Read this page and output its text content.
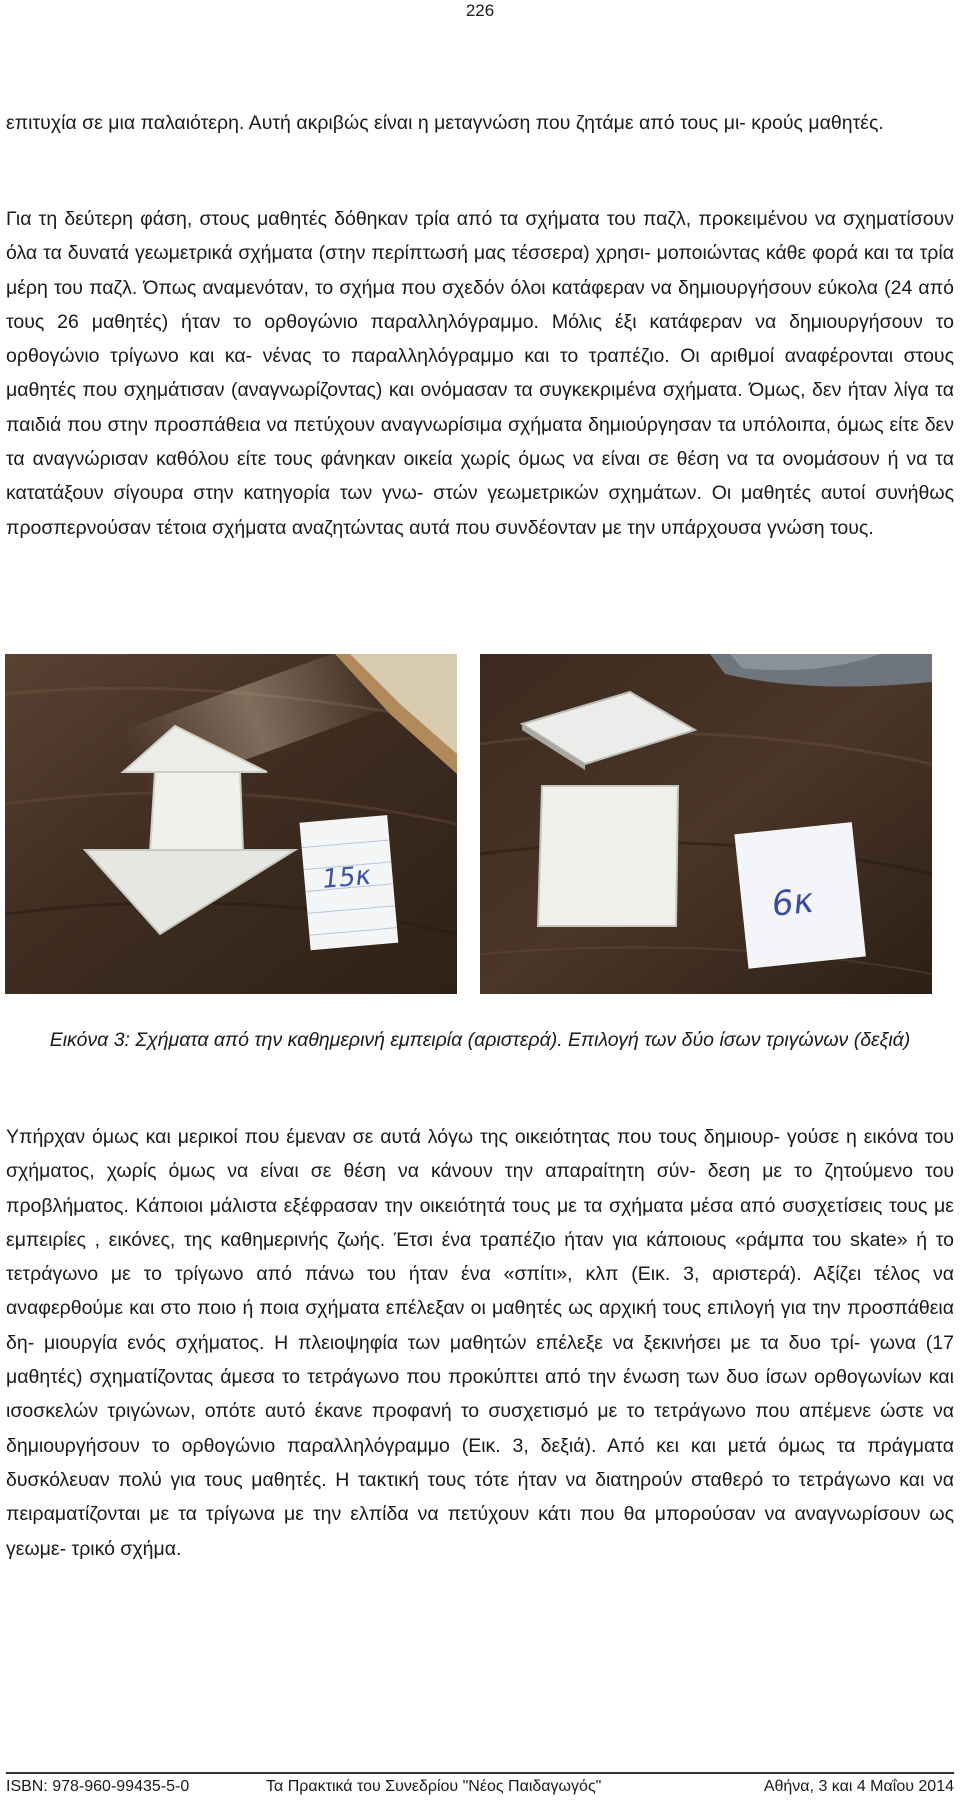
226

επιτυχία σε μια παλαιότερη. Αυτή ακριβώς είναι η μεταγνώση που ζητάμε από τους μι- κρούς μαθητές.

Για τη δεύτερη φάση, στους μαθητές δόθηκαν τρία από τα σχήματα του παζλ, προκειμένου να σχηματίσουν όλα τα δυνατά γεωμετρικά σχήματα (στην περίπτωσή μας τέσσερα) χρησι- μοποιώντας κάθε φορά και τα τρία μέρη του παζλ. Όπως αναμενόταν, το σχήμα που σχεδόν όλοι κατάφεραν να δημιουργήσουν εύκολα (24 από τους 26 μαθητές) ήταν το ορθογώνιο παραλληλόγραμμο. Μόλις έξι κατάφεραν να δημιουργήσουν το ορθογώνιο τρίγωνο και κα- νένας το παραλληλόγραμμο και το τραπέζιο. Οι αριθμοί αναφέρονται στους μαθητές που σχημάτισαν (αναγνωρίζοντας) και ονόμασαν τα συγκεκριμένα σχήματα. Όμως, δεν ήταν λίγα τα παιδιά που στην προσπάθεια να πετύχουν αναγνωρίσιμα σχήματα δημιούργησαν τα υπόλοιπα, όμως είτε δεν τα αναγνώρισαν καθόλου είτε τους φάνηκαν οικεία χωρίς όμως να είναι σε θέση να τα ονομάσουν ή να τα κατατάξουν σίγουρα στην κατηγορία των γνω- στών γεωμετρικών σχημάτων. Οι μαθητές αυτοί συνήθως προσπερνούσαν τέτοια σχήματα αναζητώντας αυτά που συνδέονταν με την υπάρχουσα γνώση τους.

15κ
6κ
Εικόνα 3: Σχήματα από την καθημερινή εμπειρία (αριστερά). Επιλογή των δύο ίσων τριγώνων (δεξιά)

Υπήρχαν όμως και μερικοί που έμεναν σε αυτά λόγω της οικειότητας που τους δημιουρ- γούσε η εικόνα του σχήματος, χωρίς όμως να είναι σε θέση να κάνουν την απαραίτητη σύν- δεση με το ζητούμενο του προβλήματος. Κάποιοι μάλιστα εξέφρασαν την οικειότητά τους με τα σχήματα μέσα από συσχετίσεις τους με εμπειρίες , εικόνες, της καθημερινής ζωής. Έτσι ένα τραπέζιο ήταν για κάποιους «ράμπα του skate» ή το τετράγωνο με το τρίγωνο από πάνω του ήταν ένα «σπίτι», κλπ (Εικ. 3, αριστερά). Αξίζει τέλος να αναφερθούμε και στο ποιο ή ποια σχήματα επέλεξαν οι μαθητές ως αρχική τους επιλογή για την προσπάθεια δη- μιουργία ενός σχήματος. Η πλειοψηφία των μαθητών επέλεξε να ξεκινήσει με τα δυο τρί- γωνα (17 μαθητές) σχηματίζοντας άμεσα το τετράγωνο που προκύπτει από την ένωση των δυο ίσων ορθογωνίων και ισοσκελών τριγώνων, οπότε αυτό έκανε προφανή το συσχετισμό με το τετράγωνο που απέμενε ώστε να δημιουργήσουν το ορθογώνιο παραλληλόγραμμο (Εικ. 3, δεξιά). Από κει και μετά όμως τα πράγματα δυσκόλευαν πολύ για τους μαθητές. Η τακτική τους τότε ήταν να διατηρούν σταθερό το τετράγωνο και να πειραματίζονται με τα τρίγωνα με την ελπίδα να πετύχουν κάτι που θα μπορούσαν να αναγνωρίσουν ως γεωμε- τρικό σχήμα.

ISBN: 978-960-99435-5-0	Τα Πρακτικά του Συνεδρίου "Νέος Παιδαγωγός"	Αθήνα, 3 και 4 Μαΐου 2014
